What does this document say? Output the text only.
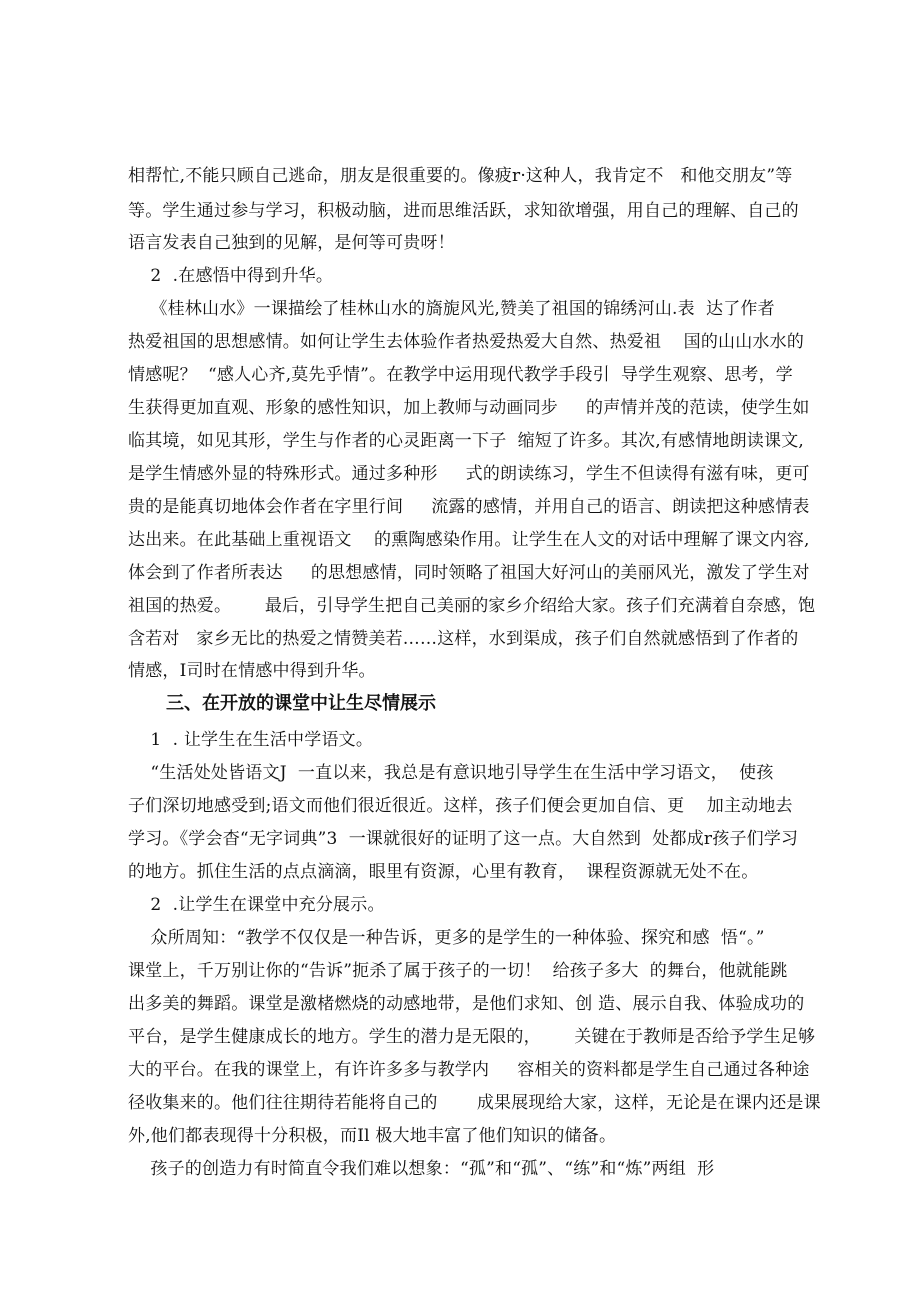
相帮忙,不能只顾自己逃命，朋友是很重要的。像疲r·这种人，我肯定不   和他交朋友”等
等。学生通过参与学习，积极动脑，进而思维活跃，求知欲增强，用自己的理解、自己的
语言发表自己独到的见解，是何等可贵呀！
2  .在感悟中得到升华。
《桂林山水》一课描绘了桂林山水的旖旎风光,赞美了祖国的锦绣河山.表  达了作者
热爱祖国的思想感情。如何让学生去体验作者热爱热爱大自然、热爱祖    国的山山水水的
情感呢？  “感人心齐,莫先乎情”。在教学中运用现代教学手段引  导学生观察、思考，学
生获得更加直观、形象的感性知识，加上教师与动画同步     的声情并茂的范读，使学生如
临其境，如见其形，学生与作者的心灵距离一下子  缩短了许多。其次,有感情地朗读课文,
是学生情感外显的特殊形式。通过多种形     式的朗读练习，学生不但读得有滋有味，更可
贵的是能真切地体会作者在字里行间     流露的感情，并用自己的语言、朗读把这种感情表
达出来。在此基础上重视语文    的熏陶感染作用。让学生在人文的对话中理解了课文内容,
体会到了作者所表达     的思想感情，同时领略了祖国大好河山的美丽风光，激发了学生对
祖国的热爱。      最后，引导学生把自己美丽的家乡介绍给大家。孩子们充满着自奈感，饱
含若对   家乡无比的热爱之情赞美若……这样，水到渠成，孩子们自然就感悟到了作者的
情感，I司时在情感中得到升华。
三、在开放的课堂中让生尽情展示
1  . 让学生在生活中学语文。
“生活处处皆语文J  一直以来，我总是有意识地引导学生在生活中学习语文，  使孩
子们深切地感受到;语文而他们很近很近。这样，孩子们便会更加自信、更    加主动地去
学习。《学会杳“无字词典”3  一课就很好的证明了这一点。大自然到  处都成r孩子们学习
的地方。抓住生活的点点滴滴，眼里有资源，心里有教育，  课程资源就无处不在。
2  .让学生在课堂中充分展示。
众所周知：“教学不仅仅是一种告诉，更多的是学生的一种体验、探究和感  悟“。”
课堂上，千万别让你的“告诉”扼杀了属于孩子的一切！  给孩子多大  的舞台，他就能跳
出多美的舞蹈。课堂是激楮燃烧的动感地带，是他们求知、创 造、展示自我、体验成功的
平台，是学生健康成长的地方。学生的潜力是无限的，      关键在于教师是否给予学生足够
大的平台。在我的课堂上，有许许多多与教学内     容相关的资料都是学生自己通过各种途
径收集来的。他们往往期待若能将自己的       成果展现给大家，这样，无论是在课内还是课
外,他们都表现得十分积极，而Il 极大地丰富了他们知识的储备。
孩子的创造力有时简直令我们难以想象：“孤”和“孤”、“练”和“炼”两组  形
